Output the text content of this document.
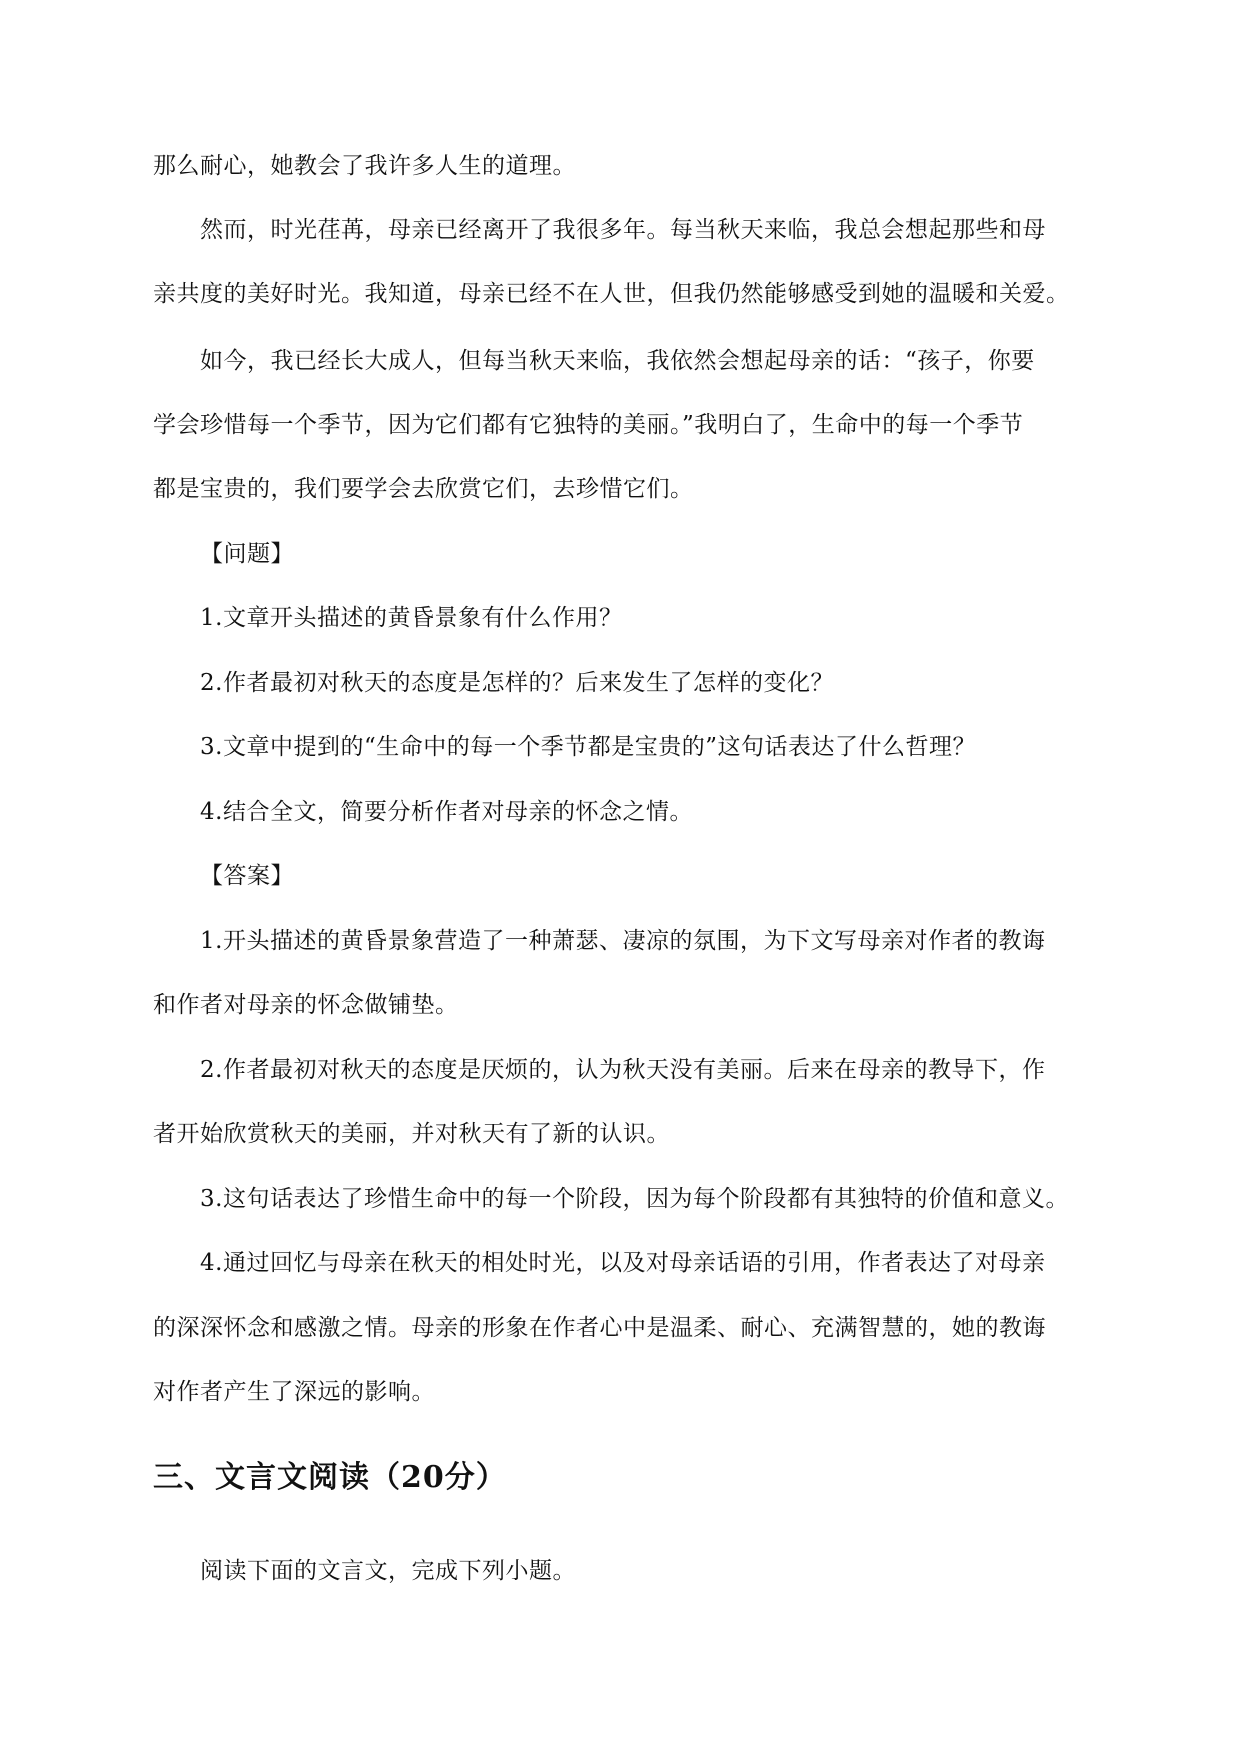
那么耐心，她教会了我许多人生的道理。
然而，时光荏苒，母亲已经离开了我很多年。每当秋天来临，我总会想起那些和母
亲共度的美好时光。我知道，母亲已经不在人世，但我仍然能够感受到她的温暖和关爱。
如今，我已经长大成人，但每当秋天来临，我依然会想起母亲的话：“孩子，你要
学会珍惜每一个季节，因为它们都有它独特的美丽。”我明白了，生命中的每一个季节
都是宝贵的，我们要学会去欣赏它们，去珍惜它们。
【问题】
1.文章开头描述的黄昏景象有什么作用？
2.作者最初对秋天的态度是怎样的？后来发生了怎样的变化？
3.文章中提到的“生命中的每一个季节都是宝贵的”这句话表达了什么哲理？
4.结合全文，简要分析作者对母亲的怀念之情。
【答案】
1.开头描述的黄昏景象营造了一种萧瑟、凄凉的氛围，为下文写母亲对作者的教诲
和作者对母亲的怀念做铺垫。
2.作者最初对秋天的态度是厌烦的，认为秋天没有美丽。后来在母亲的教导下，作
者开始欣赏秋天的美丽，并对秋天有了新的认识。
3.这句话表达了珍惜生命中的每一个阶段，因为每个阶段都有其独特的价值和意义。
4.通过回忆与母亲在秋天的相处时光，以及对母亲话语的引用，作者表达了对母亲
的深深怀念和感激之情。母亲的形象在作者心中是温柔、耐心、充满智慧的，她的教诲
对作者产生了深远的影响。
三、文言文阅读（20分）
阅读下面的文言文，完成下列小题。
